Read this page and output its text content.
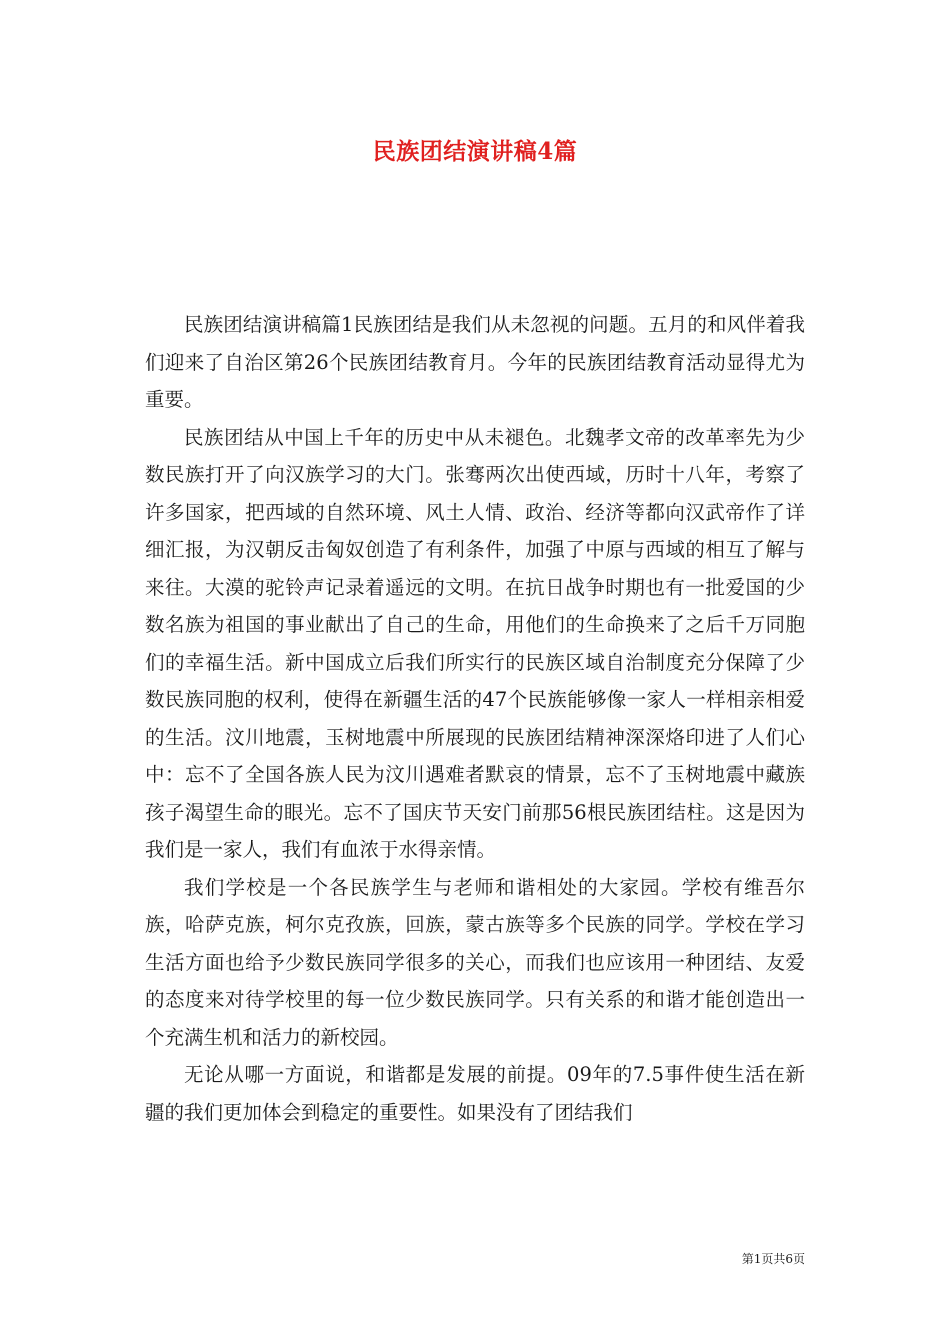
民族团结演讲稿4篇

民族团结演讲稿篇1民族团结是我们从未忽视的问题。五月的和风伴着我们迎来了自治区第26个民族团结教育月。今年的民族团结教育活动显得尤为重要。

民族团结从中国上千年的历史中从未褪色。北魏孝文帝的改革率先为少数民族打开了向汉族学习的大门。张骞两次出使西域，历时十八年，考察了许多国家，把西域的自然环境、风土人情、政治、经济等都向汉武帝作了详细汇报，为汉朝反击匈奴创造了有利条件，加强了中原与西域的相互了解与来往。大漠的驼铃声记录着遥远的文明。在抗日战争时期也有一批爱国的少数名族为祖国的事业献出了自己的生命，用他们的生命换来了之后千万同胞们的幸福生活。新中国成立后我们所实行的民族区域自治制度充分保障了少数民族同胞的权利，使得在新疆生活的47个民族能够像一家人一样相亲相爱的生活。汶川地震，玉树地震中所展现的民族团结精神深深烙印进了人们心中：忘不了全国各族人民为汶川遇难者默哀的情景，忘不了玉树地震中藏族孩子渴望生命的眼光。忘不了国庆节天安门前那56根民族团结柱。这是因为我们是一家人，我们有血浓于水得亲情。

我们学校是一个各民族学生与老师和谐相处的大家园。学校有维吾尔族，哈萨克族，柯尔克孜族，回族，蒙古族等多个民族的同学。学校在学习生活方面也给予少数民族同学很多的关心，而我们也应该用一种团结、友爱的态度来对待学校里的每一位少数民族同学。只有关系的和谐才能创造出一个充满生机和活力的新校园。

无论从哪一方面说，和谐都是发展的前提。09年的7.5事件使生活在新疆的我们更加体会到稳定的重要性。如果没有了团结我们

第1页共6页
